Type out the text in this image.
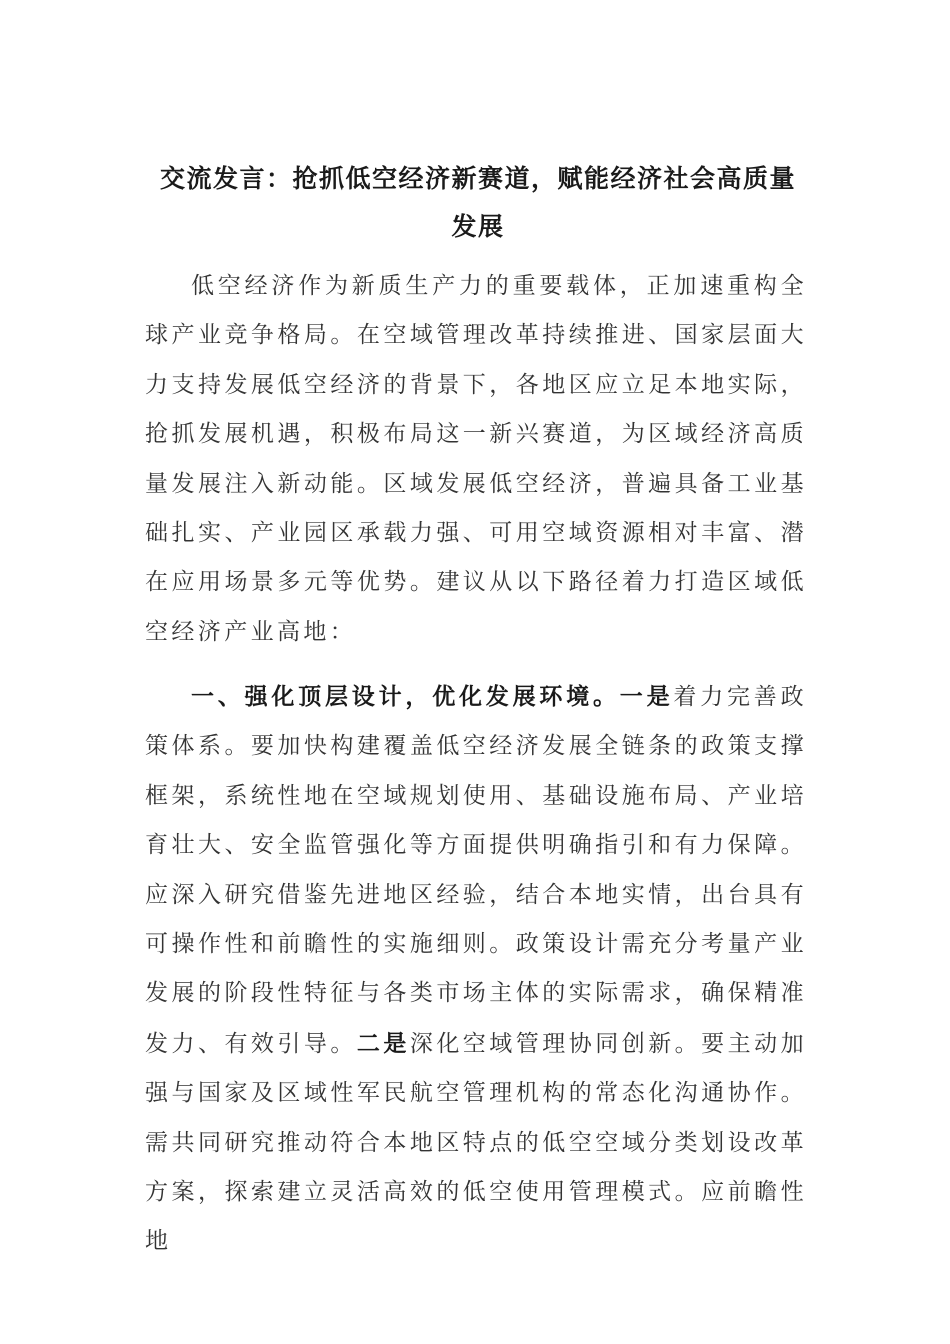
交流发言：抢抓低空经济新赛道，赋能经济社会高质量发展

低空经济作为新质生产力的重要载体，正加速重构全球产业竞争格局。在空域管理改革持续推进、国家层面大力支持发展低空经济的背景下，各地区应立足本地实际，抢抓发展机遇，积极布局这一新兴赛道，为区域经济高质量发展注入新动能。区域发展低空经济，普遍具备工业基础扎实、产业园区承载力强、可用空域资源相对丰富、潜在应用场景多元等优势。建议从以下路径着力打造区域低空经济产业高地：

一、强化顶层设计，优化发展环境。一是着力完善政策体系。要加快构建覆盖低空经济发展全链条的政策支撑框架，系统性地在空域规划使用、基础设施布局、产业培育壮大、安全监管强化等方面提供明确指引和有力保障。应深入研究借鉴先进地区经验，结合本地实情，出台具有可操作性和前瞻性的实施细则。政策设计需充分考量产业发展的阶段性特征与各类市场主体的实际需求，确保精准发力、有效引导。二是深化空域管理协同创新。要主动加强与国家及区域性军民航空管理机构的常态化沟通协作。需共同研究推动符合本地区特点的低空空域分类划设改革方案，探索建立灵活高效的低空使用管理模式。应前瞻性地
